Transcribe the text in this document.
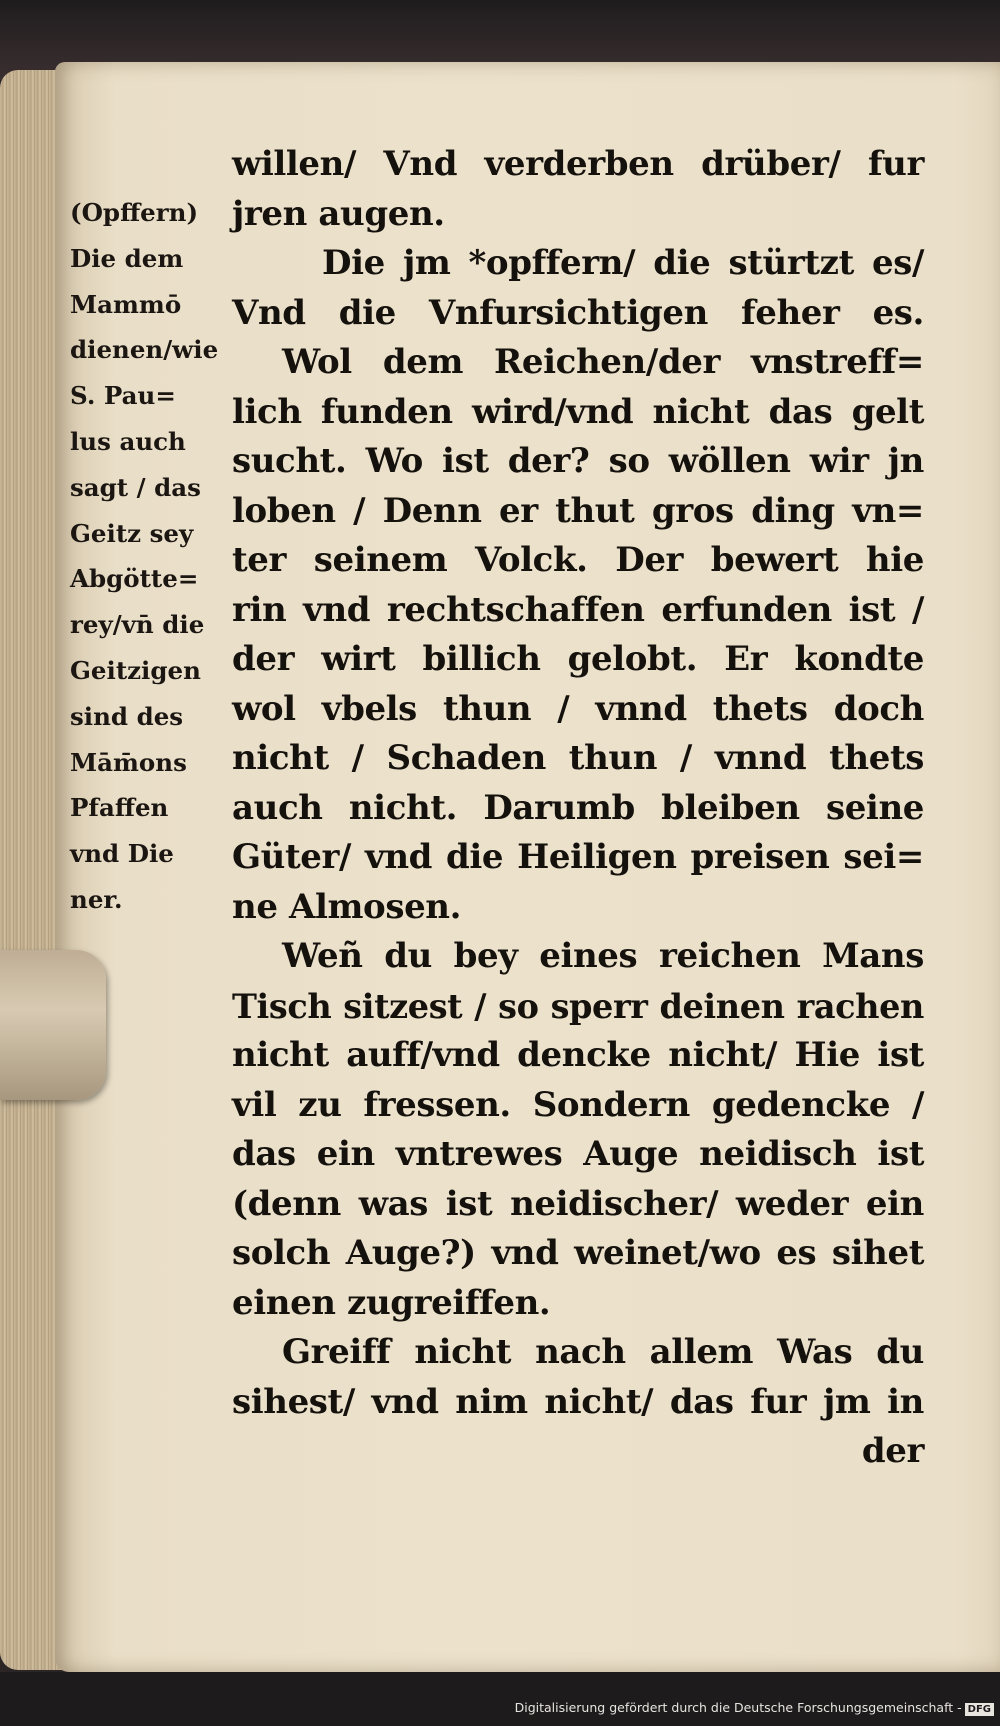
(Opffern)
Die dem
Mammō
dienen/wie
S. Pau=
lus auch
sagt / das
Geitz sey
Abgötte=
rey/vn̄ die
Geitzigen
sind des
Mām̄ons
Pfaffen
vnd Die
ner.
willen/ Vnd verderben drüber/ fur
jren augen.
Die jm *opffern/ die stürtzt es/
Vnd die Vnfursichtigen feher es.
Wol dem Reichen/der vnstreff=
lich funden wird/vnd nicht das gelt
sucht. Wo ist der? so wöllen wir jn
loben / Denn er thut gros ding vn=
ter seinem Volck. Der bewert hie
rin vnd rechtschaffen erfunden ist /
der wirt billich gelobt. Er kondte
wol vbels thun / vnnd thets doch
nicht / Schaden thun / vnnd thets
auch nicht. Darumb bleiben seine
Güter/ vnd die Heiligen preisen sei=
ne Almosen.
Weñ du bey eines reichen Mans
Tisch sitzest / so sperr deinen rachen
nicht auff/vnd dencke nicht/ Hie ist
vil zu fressen. Sondern gedencke /
das ein vntrewes Auge neidisch ist
(denn was ist neidischer/ weder ein
solch Auge?) vnd weinet/wo es sihet
einen zugreiffen.
Greiff nicht nach allem Was du
sihest/ vnd nim nicht/ das fur jm in
der
Digitalisierung gefördert durch die Deutsche Forschungsgemeinschaft - DFG
